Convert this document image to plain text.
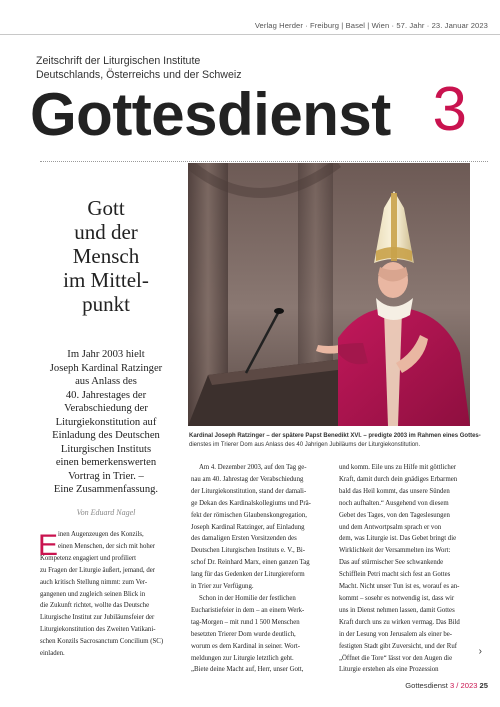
Verlag Herder · Freiburg | Basel | Wien · 57. Jahr · 23. Januar 2023
Zeitschrift der Liturgischen Institute
Deutschlands, Österreichs und der Schweiz
Gottesdienst 3
Gott
und der
Mensch
im Mittel-
punkt
Im Jahr 2003 hielt
Joseph Kardinal Ratzinger
aus Anlass des
40. Jahrestages der
Verabschiedung der
Liturgiekonstitution auf
Einladung des Deutschen
Liturgischen Instituts
einen bemerkenswerten
Vortrag in Trier. –
Eine Zusammenfassung.
Von Eduard Nagel
Kardinal Joseph Ratzinger – der spätere Papst Benedikt XVI. – predigte 2003 im Rahmen eines Gottes-
dienstes im Trierer Dom aus Anlass des 40 Jahrigen Jubiläums der Liturgiekonstitution.
E inen Augenzeugen des Konzils,
einen Menschen, der sich mit hoher
Kompetenz engagiert und profiliert
zu Fragen der Liturgie äußert, jemand, der
auch kritisch Stellung nimmt: zum Ver-
gangenen und zugleich seinen Blick in
die Zukunft richtet, wollte das Deutsche
Liturgische Institut zur Jubiläumsfeier der
Liturgiekonstitution des Zweiten Vatikani-
schen Konzils Sacrosanctum Concilium (SC)
einladen.
Am 4. Dezember 2003, auf den Tag ge-
nau am 40. Jahrestag der Verabschiedung
der Liturgiekonstitution, stand der damali-
ge Dekan des Kardinalskollegiums und Prä-
fekt der römischen Glaubenskongregation,
Joseph Kardinal Ratzinger, auf Einladung
des damaligen Ersten Vorsitzenden des
Deutschen Liturgischen Instituts e. V., Bi-
schof Dr. Reinhard Marx, einen ganzen Tag
lang für das Gedenken der Liturgiereform
in Trier zur Verfügung.
Schon in der Homilie der festlichen
Eucharistiefeier in dem – an einem Werk-
tag-Morgen – mit rund 1 500 Menschen
besetzten Trierer Dom wurde deutlich,
worum es dem Kardinal in seiner. Wort-
meldungen zur Liturgie letztlich geht.
„Biete deine Macht auf, Herr, unser Gott,
und komm. Eile uns zu Hilfe mit göttlicher
Kraft, damit durch dein gnädiges Erbarmen
bald das Heil kommt, das unsere Sünden
noch aufhalten.“ Ausgehend von diesem
Gebet des Tages, von den Tageslesungen
und dem Antwortpsalm sprach er von
dem, was Liturgie ist. Das Gebet bringt die
Wirklichkeit der Versammelten ins Wort:
Das auf stürmischer See schwankende
Schifflein Petri macht sich fest an Gottes
Macht. Nicht unser Tun ist es, worauf es an-
kommt – sosehr es notwendig ist, dass wir
uns in Dienst nehmen lassen, damit Gottes
Kraft durch uns zu wirken vermag. Das Bild
in der Lesung von Jerusalem als einer be-
festigten Stadt gibt Zuversicht, und der Ruf
„Öffnet die Tore“ lässt vor den Augen die
Liturgie erstehen als eine Prozession
›
Gottesdienst 3 / 2023 25
